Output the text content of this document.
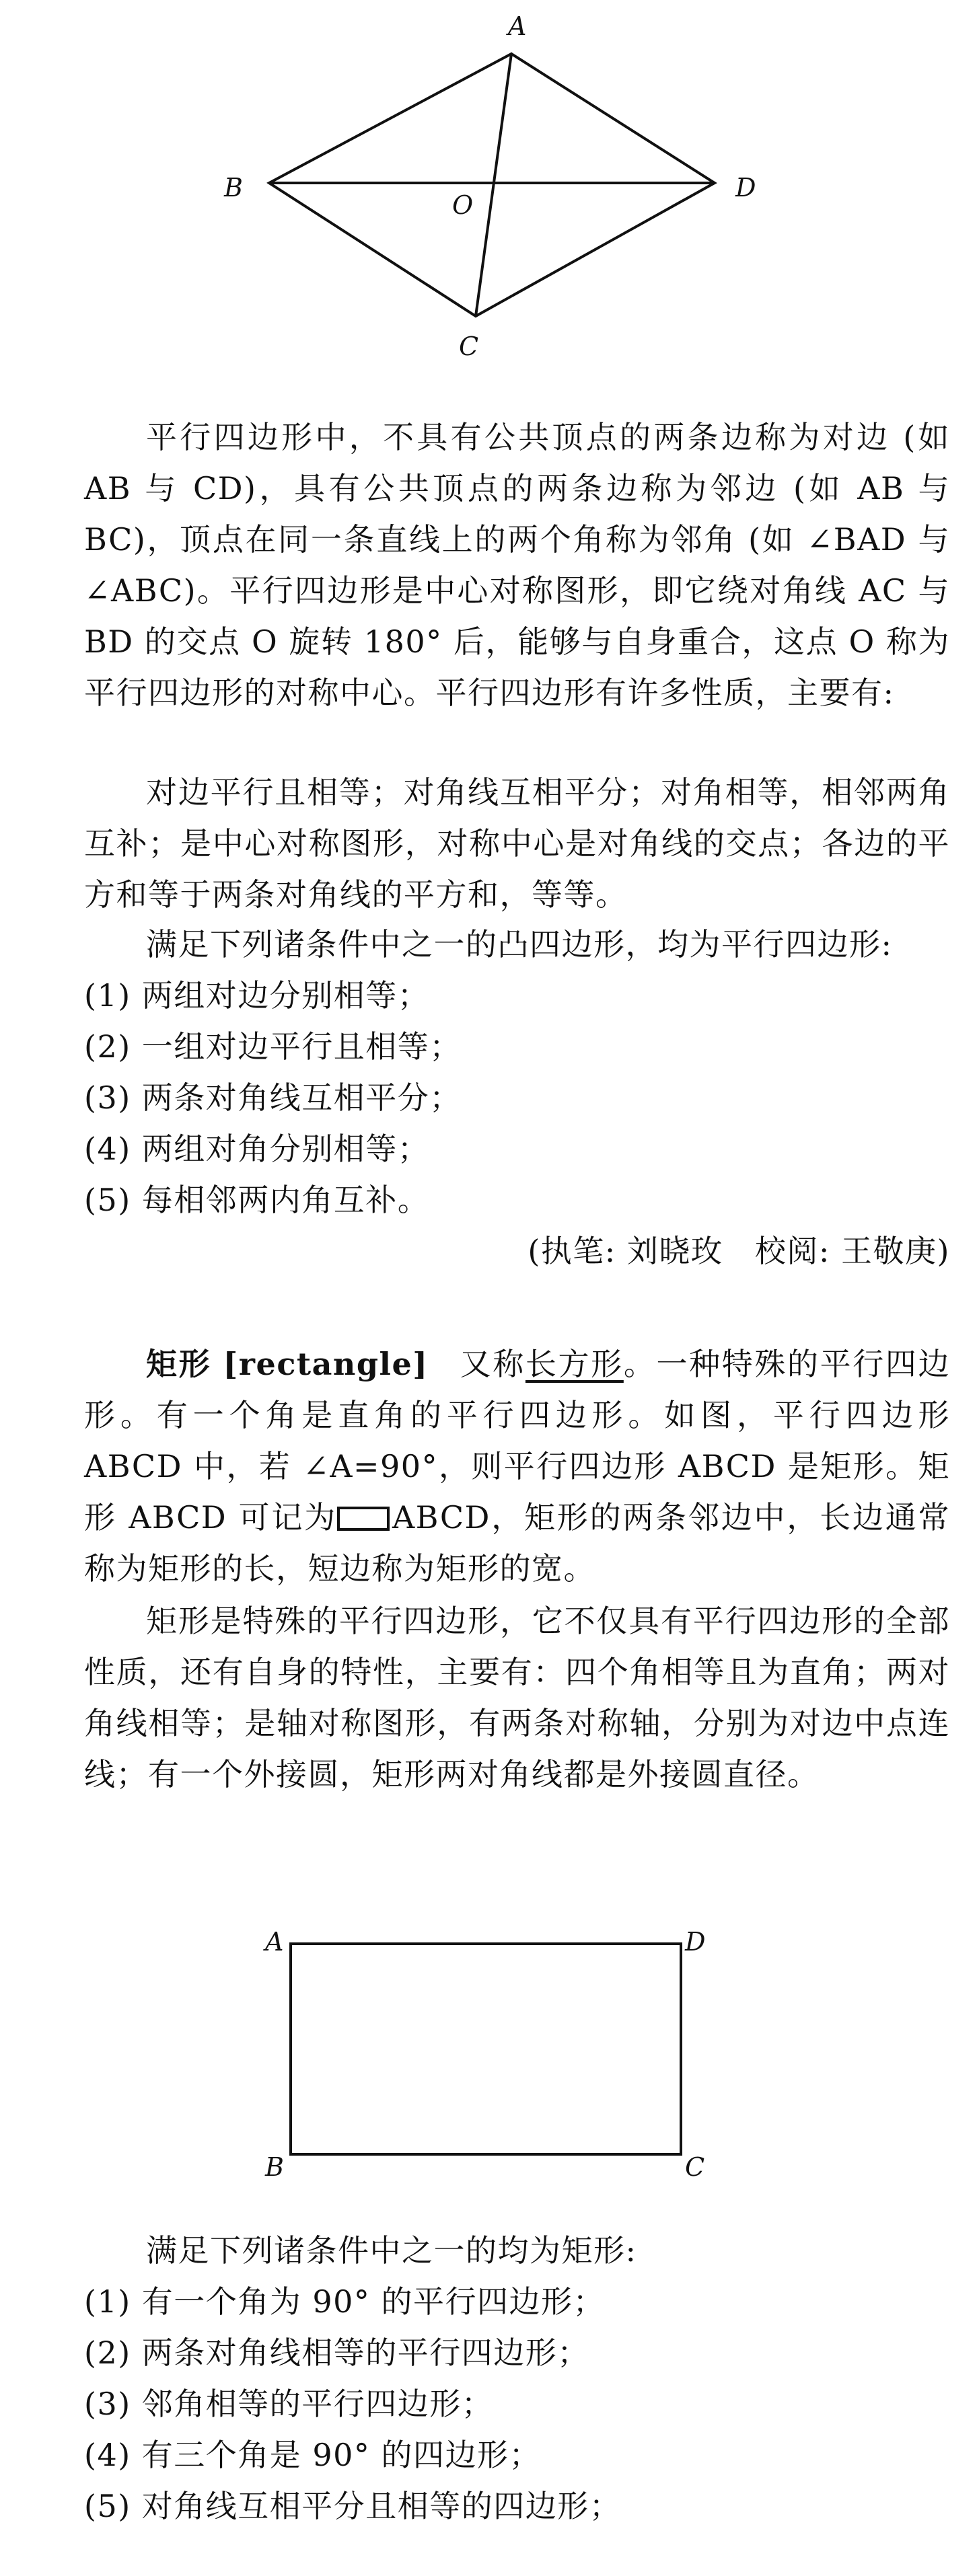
A
B
C
D
O

平行四边形中，不具有公共顶点的两条边称为对边 (如 AB 与 CD)，具有公共顶点的两条边称为邻边 (如 AB 与 BC)，顶点在同一条直线上的两个角称为邻角 (如 ∠BAD 与 ∠ABC)。平行四边形是中心对称图形，即它绕对角线 AC 与 BD 的交点 O 旋转 180° 后，能够与自身重合，这点 O 称为平行四边形的对称中心。平行四边形有许多性质，主要有:

对边平行且相等；对角线互相平分；对角相等，相邻两角互补；是中心对称图形，对称中心是对角线的交点；各边的平方和等于两条对角线的平方和，等等。

满足下列诸条件中之一的凸四边形，均为平行四边形:

(1) 两组对边分别相等；

(2) 一组对边平行且相等；

(3) 两条对角线互相平分；

(4) 两组对角分别相等；

(5) 每相邻两内角互补。

(执笔: 刘晓玫　校阅: 王敬庚)

矩形 [rectangle] 又称长方形。一种特殊的平行四边形。有一个角是直角的平行四边形。如图，平行四边形 ABCD 中，若 ∠A=90°，则平行四边形 ABCD 是矩形。矩形 ABCD 可记为 ABCD，矩形的两条邻边中，长边通常称为矩形的长，短边称为矩形的宽。

矩形是特殊的平行四边形，它不仅具有平行四边形的全部性质，还有自身的特性，主要有：四个角相等且为直角；两对角线相等；是轴对称图形，有两条对称轴，分别为对边中点连线；有一个外接圆，矩形两对角线都是外接圆直径。

A
B	C
D

满足下列诸条件中之一的均为矩形:

(1) 有一个角为 90° 的平行四边形；

(2) 两条对角线相等的平行四边形；

(3) 邻角相等的平行四边形；

(4) 有三个角是 90° 的四边形；

(5) 对角线互相平分且相等的四边形；
